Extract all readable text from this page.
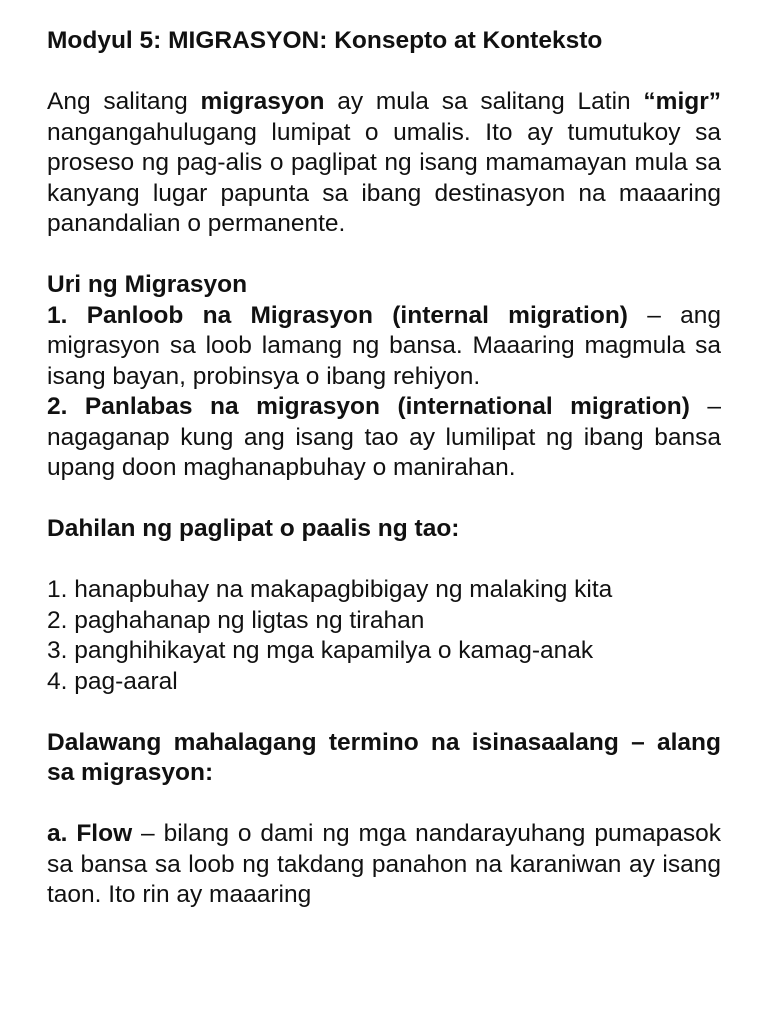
Modyul 5: MIGRASYON: Konsepto at Konteksto

Ang salitang migrasyon ay mula sa salitang Latin “migr” nangangahulugang lumipat o umalis. Ito ay tumutukoy sa proseso ng pag-alis o paglipat ng isang mamamayan mula sa kanyang lugar papunta sa ibang destinasyon na maaaring panandalian o permanente.

Uri ng Migrasyon

1. Panloob na Migrasyon (internal migration) – ang migrasyon sa loob lamang ng bansa. Maaaring magmula sa isang bayan, probinsya o ibang rehiyon.

2. Panlabas na migrasyon (international migration) – nagaganap kung ang isang tao ay lumilipat ng ibang bansa upang doon maghanapbuhay o manirahan.

Dahilan ng paglipat o paalis ng tao:

1. hanapbuhay na makapagbibigay ng malaking kita

2. paghahanap ng ligtas ng tirahan

3. panghihikayat ng mga kapamilya o kamag-anak

4. pag-aaral

Dalawang mahalagang termino na isinasaalang – alang sa migrasyon:

a. Flow – bilang o dami ng mga nandarayuhang pumapasok sa bansa sa loob ng takdang panahon na karaniwan ay isang taon. Ito rin ay maaaring
